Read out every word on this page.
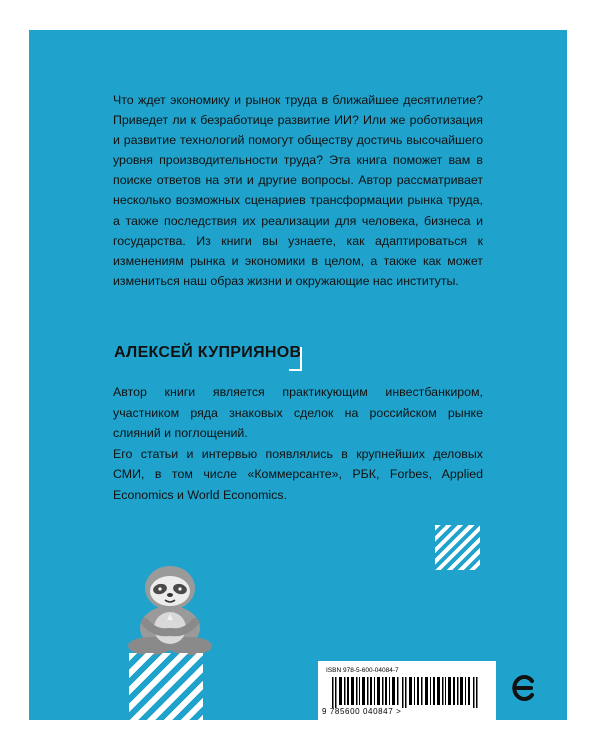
Что ждет экономику и рынок труда в ближайшее десятилетие? Приведет ли к безработице развитие ИИ? Или же роботизация и развитие технологий помогут обществу достичь высочайшего уровня производительности труда? Эта книга поможет вам в поиске ответов на эти и другие вопросы. Автор рассматривает несколько возможных сценариев трансформации рынка труда, а также последствия их реализации для человека, бизнеса и государства. Из книги вы узнаете, как адаптироваться к изменениям рынка и экономики в целом, а также как может измениться наш образ жизни и окружающие нас институты.

АЛЕКСЕЙ КУПРИЯНОВ

Автор книги является практикующим инвестбанкиром, участником ряда знаковых сделок на российском рынке слияний и поглощений.

Его статьи и интервью появлялись в крупнейших деловых СМИ, в том числе «Коммерсанте», РБК, Forbes, Applied Economics и World Economics.

ISBN 978-5-600-04084-7

9 785600 040847 >
